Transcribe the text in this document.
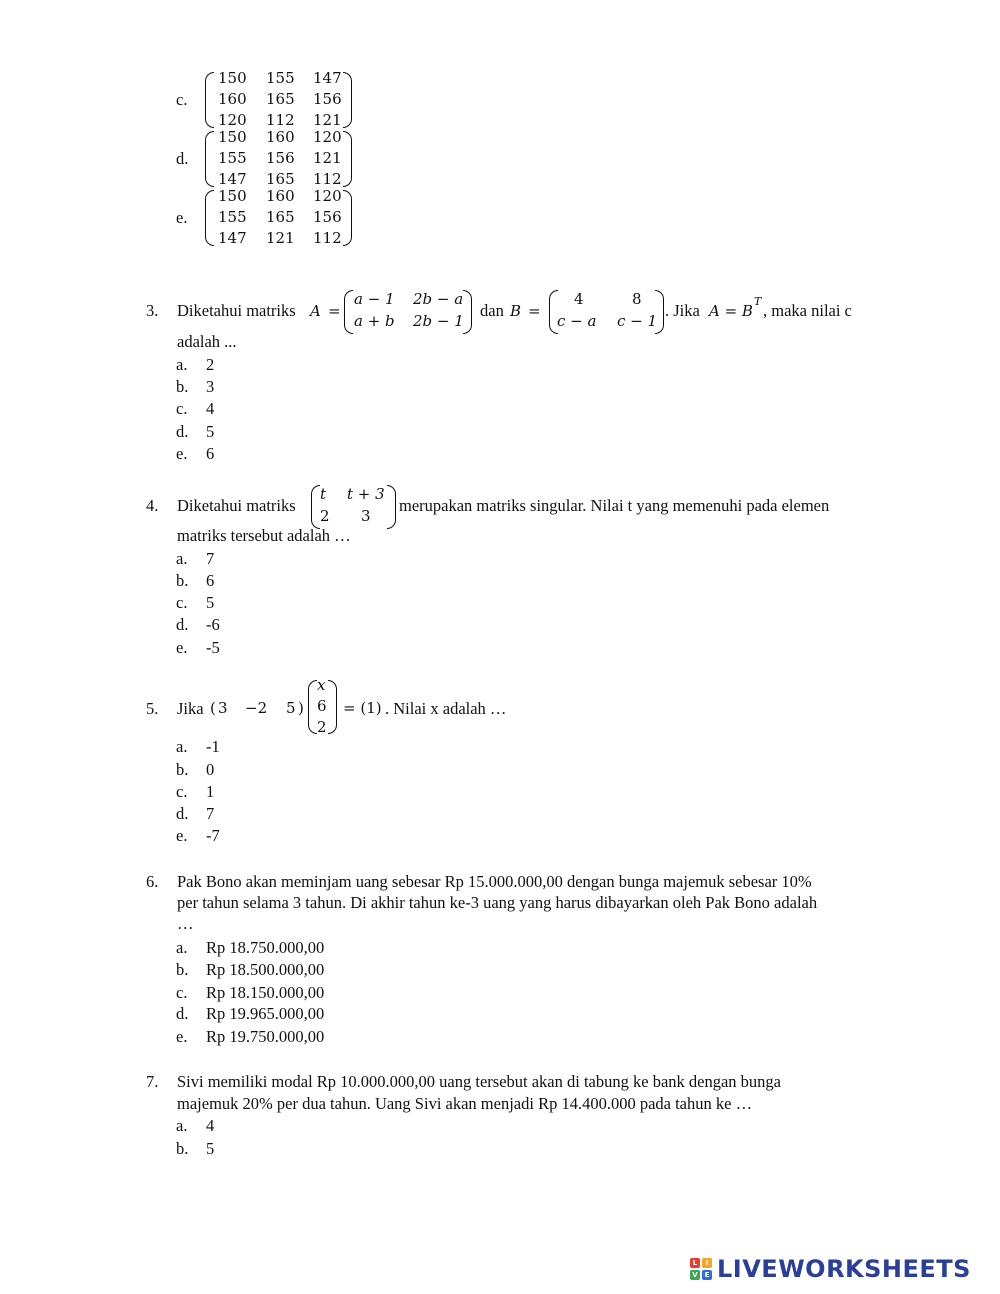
c.
150 155 147
160 165 156
120 112 121
d.
150 160 120
155 156 121
147 165 112
e.
150 160 120
155 165 156
147 121 112
3. Diketahui matriks A =
a − 1 2b − a
a + b 2b − 1
dan B =
4	8
c − a c − 1
. Jika A = B
T , maka nilai c
adalah ...
a. 2
b. 3
c. 4
d. 5
e. 6
4. Diketahui matriks
t t + 3
2 3
merupakan matriks singular. Nilai t yang memenuhi pada elemen
matriks tersebut adalah …
a. 7
b. 6
c. 5
d. -6
e. -5
5. Jika ( 3 −2 5 )
x
6
2
= (1) . Nilai x adalah …
a. -1
b. 0
c. 1
d. 7
e. -7
6. Pak Bono akan meminjam uang sebesar Rp 15.000.000,00 dengan bunga majemuk sebesar 10%
per tahun selama 3 tahun. Di akhir tahun ke-3 uang yang harus dibayarkan oleh Pak Bono adalah
…
a. Rp 18.750.000,00
b. Rp 18.500.000,00
c. Rp 18.150.000,00
d. Rp 19.965.000,00
e. Rp 19.750.000,00
7. Sivi memiliki modal Rp 10.000.000,00 uang tersebut akan di tabung ke bank dengan bunga
majemuk 20% per dua tahun. Uang Sivi akan menjadi Rp 14.400.000 pada tahun ke …
a. 4
b. 5
L	I
V E LIVEWORKSHEETS
